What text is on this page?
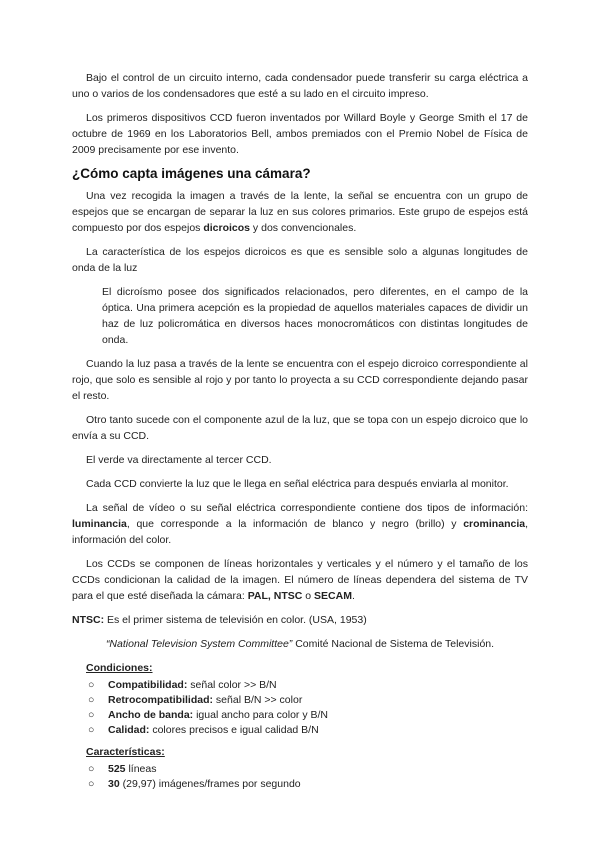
Bajo el control de un circuito interno, cada condensador puede transferir su carga eléctrica a uno o varios de los condensadores que esté a su lado en el circuito impreso.

Los primeros dispositivos CCD fueron inventados por Willard Boyle y George Smith el 17 de octubre de 1969 en los Laboratorios Bell, ambos premiados con el Premio Nobel de Física de 2009 precisamente por ese invento.

¿Cómo capta imágenes una cámara?

Una vez recogida la imagen a través de la lente, la señal se encuentra con un grupo de espejos que se encargan de separar la luz en sus colores primarios. Este grupo de espejos está compuesto por dos espejos dicroicos y dos convencionales.

La característica de los espejos dicroicos es que es sensible solo a algunas longitudes de onda de la luz

El dicroísmo posee dos significados relacionados, pero diferentes, en el campo de la óptica. Una primera acepción es la propiedad de aquellos materiales capaces de dividir un haz de luz policromática en diversos haces monocromáticos con distintas longitudes de onda.

Cuando la luz pasa a través de la lente se encuentra con el espejo dicroico correspondiente al rojo, que solo es sensible al rojo y por tanto lo proyecta a su CCD correspondiente dejando pasar el resto.

Otro tanto sucede con el componente azul de la luz, que se topa con un espejo dicroico que lo envía a su CCD.

El verde va directamente al tercer CCD.

Cada CCD convierte la luz que le llega en señal eléctrica para después enviarla al monitor.

La señal de vídeo o su señal eléctrica correspondiente contiene dos tipos de información: luminancia, que corresponde a la información de blanco y negro (brillo) y crominancia, información del color.

Los CCDs se componen de líneas horizontales y verticales y el número y el tamaño de los CCDs condicionan la calidad de la imagen. El número de líneas dependera del sistema de TV para el que esté diseñada la cámara: PAL, NTSC o SECAM.

NTSC: Es el primer sistema de televisión en color. (USA, 1953)

“National Television System Committee” Comité Nacional de Sistema de Televisión.

Condiciones:
○ Compatibilidad: señal color >> B/N
○ Retrocompatibilidad: señal B/N >> color
○ Ancho de banda: igual ancho para color y B/N
○ Calidad: colores precisos e igual calidad B/N
Características:
○ 525 líneas
○ 30 (29,97) imágenes/frames por segundo
